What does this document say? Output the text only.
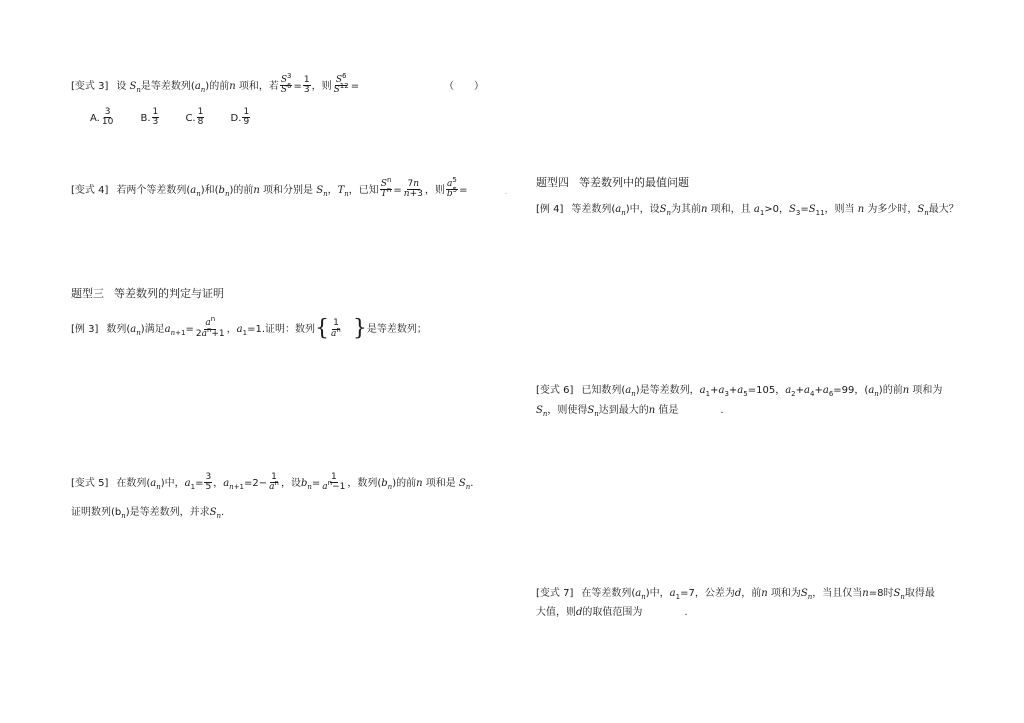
[变式 3] 设 $S_n$是等差数列$(a_n)$的前n 项和，若 $\frac{S^3}{S^6} = \frac{1}{3}$ ，则 $\frac{S^6}{S^{12}}$ =	（　　）
A. $\frac{3}{10}$	B. $\frac{1}{3}$	C. $\frac{1}{8}$	D. $\frac{1}{9}$
[变式 4] 若两个等差数列$(a_n)$和$(b_n)$的前n 项和分别是 $S_n$，$T_n$，已知 $\frac{S^n}{T^n} = \frac{7n}{n+3}$ ，则 $\frac{a^5}{b^5}$ =	.
题型三 等差数列的判定与证明
[例 3] 数列$(a_n)$满足$a_{n+1}= \frac{a^n}{2a^n+1}$ ，$a_1=1$.证明：数列{ $\frac{1}{a^n}$ }是等差数列；
[变式 5] 在数列$(a_n)$中，$a_1= \frac{3}{5}$ ，$a_{n+1}=2- \frac{1}{a^n}$ ，设$b_n= \frac{1}{a^n-1}$ ，数列$(b_n)$的前n 项和是 $S_n$.
证明数列$(b_n)$是等差数列，并求$S_n$.
题型四 等差数列中的最值问题
[例 4] 等差数列$(a_n)$中，设$S_n$为其前n 项和，且 $a_1>0$，$S_3=S_{11}$，则当 n 为多少时，$S_n$最大？
[变式 6] 已知数列$(a_n)$是等差数列，$a_1+a_3+a_5=105$，$a_2+a_4+a_6=99$，$(a_n)$的前n 项和为
$S_n$，则使得$S_n$达到最大的n 值是	.
[变式 7] 在等差数列$(a_n)$中，$a_1=7$，公差为d，前n 项和为$S_n$，当且仅当n=8时$S_n$取得最
大值，则d的取值范围为	.
